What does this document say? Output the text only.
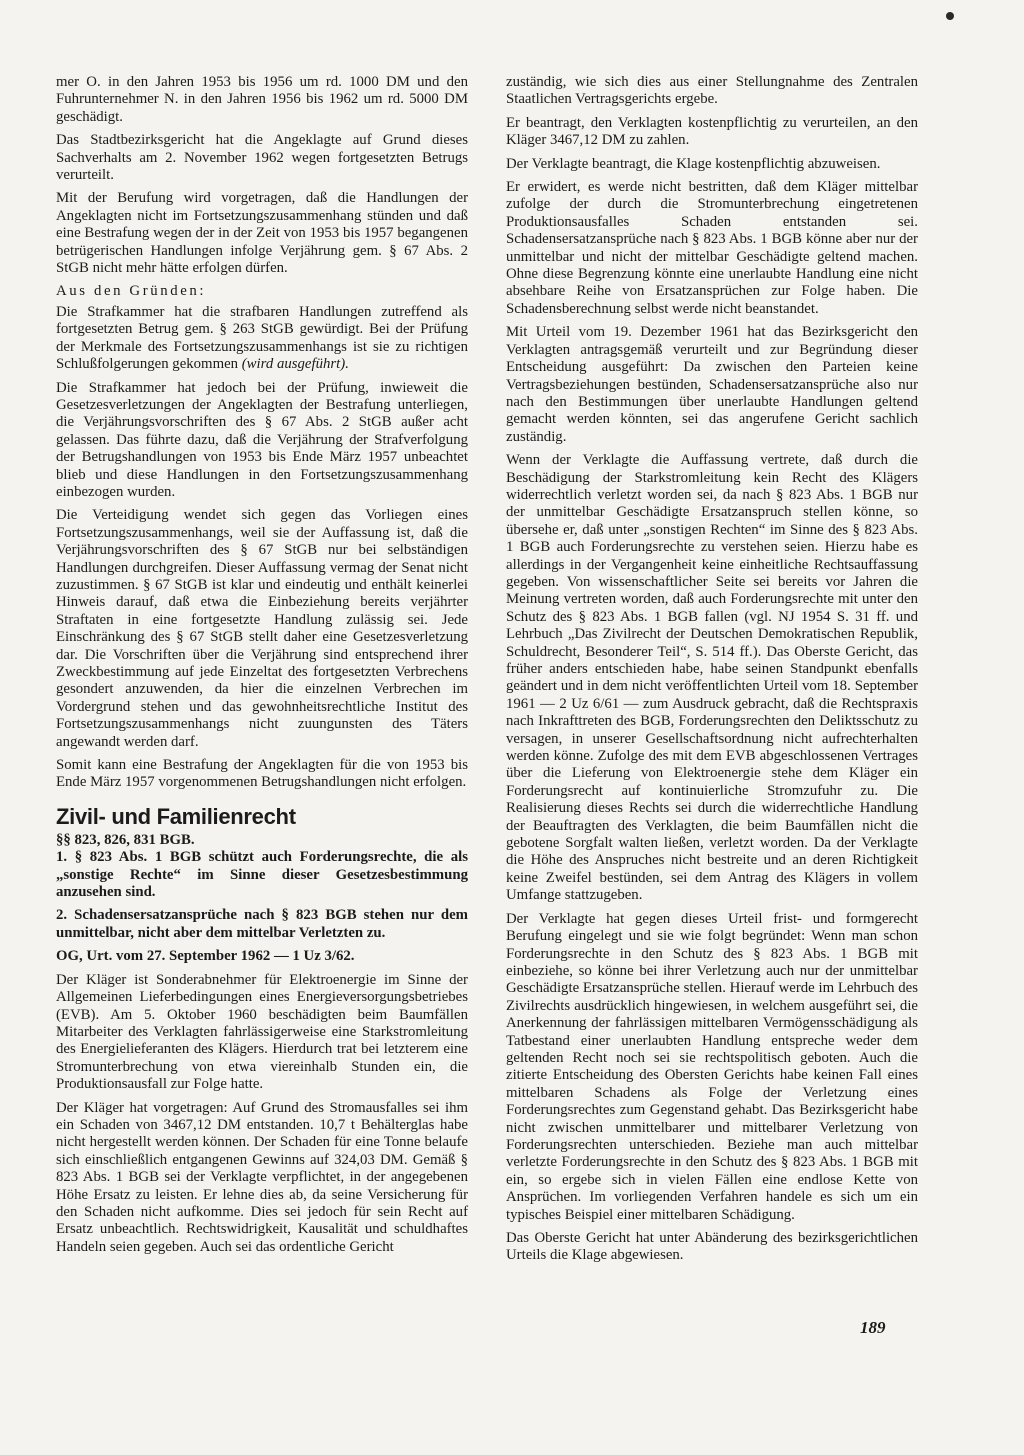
mer O. in den Jahren 1953 bis 1956 um rd. 1000 DM und den Fuhrunternehmer N. in den Jahren 1956 bis 1962 um rd. 5000 DM geschädigt.

Das Stadtbezirksgericht hat die Angeklagte auf Grund dieses Sachverhalts am 2. November 1962 wegen fortgesetzten Betrugs verurteilt.

Mit der Berufung wird vorgetragen, daß die Handlungen der Angeklagten nicht im Fortsetzungszusammenhang stünden und daß eine Bestrafung wegen der in der Zeit von 1953 bis 1957 begangenen betrügerischen Handlungen infolge Verjährung gem. § 67 Abs. 2 StGB nicht mehr hätte erfolgen dürfen.

Aus den Gründen:

Die Strafkammer hat die strafbaren Handlungen zutreffend als fortgesetzten Betrug gem. § 263 StGB gewürdigt. Bei der Prüfung der Merkmale des Fortsetzungszusammenhangs ist sie zu richtigen Schlußfolgerungen gekommen (wird ausgeführt).

Die Strafkammer hat jedoch bei der Prüfung, inwieweit die Gesetzesverletzungen der Angeklagten der Bestrafung unterliegen, die Verjährungsvorschriften des § 67 Abs. 2 StGB außer acht gelassen. Das führte dazu, daß die Verjährung der Strafverfolgung der Betrugshandlungen von 1953 bis Ende März 1957 unbeachtet blieb und diese Handlungen in den Fortsetzungszusammenhang einbezogen wurden.

Die Verteidigung wendet sich gegen das Vorliegen eines Fortsetzungszusammenhangs, weil sie der Auffassung ist, daß die Verjährungsvorschriften des § 67 StGB nur bei selbständigen Handlungen durchgreifen. Dieser Auffassung vermag der Senat nicht zuzustimmen. § 67 StGB ist klar und eindeutig und enthält keinerlei Hinweis darauf, daß etwa die Einbeziehung bereits verjährter Straftaten in eine fortgesetzte Handlung zulässig sei. Jede Einschränkung des § 67 StGB stellt daher eine Gesetzesverletzung dar. Die Vorschriften über die Verjährung sind entsprechend ihrer Zweckbestimmung auf jede Einzeltat des fortgesetzten Verbrechens gesondert anzuwenden, da hier die einzelnen Verbrechen im Vordergrund stehen und das gewohnheitsrechtliche Institut des Fortsetzungszusammenhangs nicht zuungunsten des Täters angewandt werden darf.

Somit kann eine Bestrafung der Angeklagten für die von 1953 bis Ende März 1957 vorgenommenen Betrugshandlungen nicht erfolgen.

Zivil- und Familienrecht

§§ 823, 826, 831 BGB.

1. § 823 Abs. 1 BGB schützt auch Forderungsrechte, die als „sonstige Rechte“ im Sinne dieser Gesetzesbestimmung anzusehen sind.

2. Schadensersatzansprüche nach § 823 BGB stehen nur dem unmittelbar, nicht aber dem mittelbar Verletzten zu.

OG, Urt. vom 27. September 1962 — 1 Uz 3/62.

Der Kläger ist Sonderabnehmer für Elektroenergie im Sinne der Allgemeinen Lieferbedingungen eines Energieversorgungsbetriebes (EVB). Am 5. Oktober 1960 beschädigten beim Baumfällen Mitarbeiter des Verklagten fahrlässigerweise eine Starkstromleitung des Energielieferanten des Klägers. Hierdurch trat bei letzterem eine Stromunterbrechung von etwa viereinhalb Stunden ein, die Produktionsausfall zur Folge hatte.

Der Kläger hat vorgetragen: Auf Grund des Stromausfalles sei ihm ein Schaden von 3467,12 DM entstanden. 10,7 t Behälterglas habe nicht hergestellt werden können. Der Schaden für eine Tonne belaufe sich einschließlich entgangenen Gewinns auf 324,03 DM. Gemäß § 823 Abs. 1 BGB sei der Verklagte verpflichtet, in der angegebenen Höhe Ersatz zu leisten. Er lehne dies ab, da seine Versicherung für den Schaden nicht aufkomme. Dies sei jedoch für sein Recht auf Ersatz unbeachtlich. Rechtswidrigkeit, Kausalität und schuldhaftes Handeln seien gegeben. Auch sei das ordentliche Gericht

zuständig, wie sich dies aus einer Stellungnahme des Zentralen Staatlichen Vertragsgerichts ergebe.

Er beantragt, den Verklagten kostenpflichtig zu verurteilen, an den Kläger 3467,12 DM zu zahlen.

Der Verklagte beantragt, die Klage kostenpflichtig abzuweisen.

Er erwidert, es werde nicht bestritten, daß dem Kläger mittelbar zufolge der durch die Stromunterbrechung eingetretenen Produktionsausfalles Schaden entstanden sei. Schadensersatzansprüche nach § 823 Abs. 1 BGB könne aber nur der unmittelbar und nicht der mittelbar Geschädigte geltend machen. Ohne diese Begrenzung könnte eine unerlaubte Handlung eine nicht absehbare Reihe von Ersatzansprüchen zur Folge haben. Die Schadensberechnung selbst werde nicht beanstandet.

Mit Urteil vom 19. Dezember 1961 hat das Bezirksgericht den Verklagten antragsgemäß verurteilt und zur Begründung dieser Entscheidung ausgeführt: Da zwischen den Parteien keine Vertragsbeziehungen bestünden, Schadensersatzansprüche also nur nach den Bestimmungen über unerlaubte Handlungen geltend gemacht werden könnten, sei das angerufene Gericht sachlich zuständig.

Wenn der Verklagte die Auffassung vertrete, daß durch die Beschädigung der Starkstromleitung kein Recht des Klägers widerrechtlich verletzt worden sei, da nach § 823 Abs. 1 BGB nur der unmittelbar Geschädigte Ersatzanspruch stellen könne, so übersehe er, daß unter „sonstigen Rechten“ im Sinne des § 823 Abs. 1 BGB auch Forderungsrechte zu verstehen seien. Hierzu habe es allerdings in der Vergangenheit keine einheitliche Rechtsauffassung gegeben. Von wissenschaftlicher Seite sei bereits vor Jahren die Meinung vertreten worden, daß auch Forderungsrechte mit unter den Schutz des § 823 Abs. 1 BGB fallen (vgl. NJ 1954 S. 31 ff. und Lehrbuch „Das Zivilrecht der Deutschen Demokratischen Republik, Schuldrecht, Besonderer Teil“, S. 514 ff.). Das Oberste Gericht, das früher anders entschieden habe, habe seinen Standpunkt ebenfalls geändert und in dem nicht veröffentlichten Urteil vom 18. September 1961 — 2 Uz 6/61 — zum Ausdruck gebracht, daß die Rechtspraxis nach Inkrafttreten des BGB, Forderungsrechten den Deliktsschutz zu versagen, in unserer Gesellschaftsordnung nicht aufrechterhalten werden könne. Zufolge des mit dem EVB abgeschlossenen Vertrages über die Lieferung von Elektroenergie stehe dem Kläger ein Forderungsrecht auf kontinuierliche Stromzufuhr zu. Die Realisierung dieses Rechts sei durch die widerrechtliche Handlung der Beauftragten des Verklagten, die beim Baumfällen nicht die gebotene Sorgfalt walten ließen, verletzt worden. Da der Verklagte die Höhe des Anspruches nicht bestreite und an deren Richtigkeit keine Zweifel bestünden, sei dem Antrag des Klägers in vollem Umfange stattzugeben.

Der Verklagte hat gegen dieses Urteil frist- und formgerecht Berufung eingelegt und sie wie folgt begründet: Wenn man schon Forderungsrechte in den Schutz des § 823 Abs. 1 BGB mit einbeziehe, so könne bei ihrer Verletzung auch nur der unmittelbar Geschädigte Ersatzansprüche stellen. Hierauf werde im Lehrbuch des Zivilrechts ausdrücklich hingewiesen, in welchem ausgeführt sei, die Anerkennung der fahrlässigen mittelbaren Vermögensschädigung als Tatbestand einer unerlaubten Handlung entspreche weder dem geltenden Recht noch sei sie rechtspolitisch geboten. Auch die zitierte Entscheidung des Obersten Gerichts habe keinen Fall eines mittelbaren Schadens als Folge der Verletzung eines Forderungsrechtes zum Gegenstand gehabt. Das Bezirksgericht habe nicht zwischen unmittelbarer und mittelbarer Verletzung von Forderungsrechten unterschieden. Beziehe man auch mittelbar verletzte Forderungsrechte in den Schutz des § 823 Abs. 1 BGB mit ein, so ergebe sich in vielen Fällen eine endlose Kette von Ansprüchen. Im vorliegenden Verfahren handele es sich um ein typisches Beispiel einer mittelbaren Schädigung.

Das Oberste Gericht hat unter Abänderung des bezirksgerichtlichen Urteils die Klage abgewiesen.

189
